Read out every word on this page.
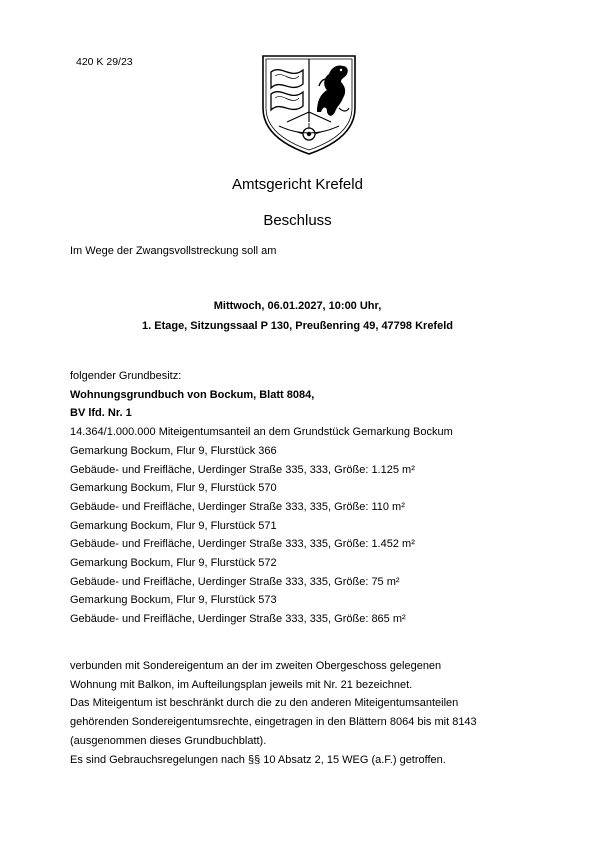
420 K 29/23
Amtsgericht Krefeld
Beschluss
Im Wege der Zwangsvollstreckung soll am
Mittwoch, 06.01.2027, 10:00 Uhr,
1. Etage, Sitzungssaal P 130, Preußenring 49, 47798 Krefeld
folgender Grundbesitz:
Wohnungsgrundbuch von Bockum, Blatt 8084,
BV lfd. Nr. 1
14.364/1.000.000 Miteigentumsanteil an dem Grundstück Gemarkung Bockum
Gemarkung Bockum, Flur 9, Flurstück 366
Gebäude- und Freifläche, Uerdinger Straße 335, 333, Größe: 1.125 m²
Gemarkung Bockum, Flur 9, Flurstück 570
Gebäude- und Freifläche, Uerdinger Straße 333, 335, Größe: 110 m²
Gemarkung Bockum, Flur 9, Flurstück 571
Gebäude- und Freifläche, Uerdinger Straße 333, 335, Größe: 1.452 m²
Gemarkung Bockum, Flur 9, Flurstück 572
Gebäude- und Freifläche, Uerdinger Straße 333, 335, Größe: 75 m²
Gemarkung Bockum, Flur 9, Flurstück 573
Gebäude- und Freifläche, Uerdinger Straße 333, 335, Größe: 865 m²
verbunden mit Sondereigentum an der im zweiten Obergeschoss gelegenen
Wohnung mit Balkon, im Aufteilungsplan jeweils mit Nr. 21 bezeichnet.
Das Miteigentum ist beschränkt durch die zu den anderen Miteigentumsanteilen
gehörenden Sondereigentumsrechte, eingetragen in den Blättern 8064 bis mit 8143
(ausgenommen dieses Grundbuchblatt).
Es sind Gebrauchsregelungen nach §§ 10 Absatz 2, 15 WEG (a.F.) getroffen.
